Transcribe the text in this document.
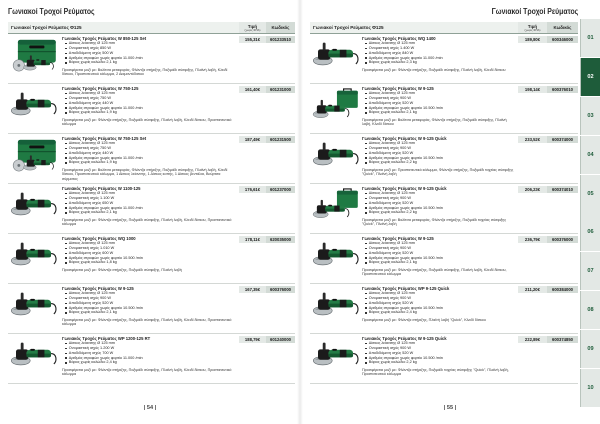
Γωνιακοί Τροχοί Ρεύματος
Γωνιακοί Τροχοί Ρεύματος Φ125	Τιμή
(χωρίς ΦΠΑ)	Κωδικός
Γωνιακός Τροχός Ρεύματος W 850-125 Set
Δίσκος λείανσης Ø 125 mm
Ονομαστική ισχύς 850 W
Αποδιδόμενη ισχύς 500 W
Αριθμός στροφών χωρίς φορτίο 11.000 /min
Βάρος χωρίς καλώδιο 2,1 kg
Προσφέρεται μαζί με: Βαλίτσα μεταφοράς, Φλάντζα στήριξης, Παξιμάδι σύσφιξης, Πλαϊνή λαβή, Κλειδί δίσκου, Προστατευτικό κάλυμμα, 2 Διαμαντόδισκοι
155,31€	601233510
Γωνιακός Τροχός Ρεύματος W 750-125
Δίσκος λείανσης Ø 125 mm
Ονομαστική ισχύς 750 W
Αποδιδόμενη ισχύς 440 W
Αριθμός στροφών χωρίς φορτίο 11.000 /min
Βάρος χωρίς καλώδιο 1,9 kg
Προσφέρεται μαζί με: Φλάντζα στήριξης, Παξιμάδι σύσφιξης, Πλαϊνή λαβή, Κλειδί δίσκου, Προστατευτικό κάλυμμα
161,40€	601231000
Γωνιακός Τροχός Ρεύματος W 750-125 Set
Δίσκος λείανσης Ø 125 mm
Ονομαστική ισχύς 750 W
Αποδιδόμενη ισχύς 440 W
Αριθμός στροφών χωρίς φορτίο 11.000 /min
Βάρος χωρίς καλώδιο 1,9 kg
Προσφέρεται μαζί με: Βαλίτσα μεταφοράς, Φλάντζα στήριξης, Παξιμάδι σύσφιξης, Πλαϊνή λαβή, Κλειδί δίσκου, Προστατευτικό κάλυμμα, 1 Δίσκος λείανσης, 1 Δίσκος κοπής, 1 Δίσκος βεντάλια, Βούρτσα σύρματος
187,49€	601231500
Γωνιακός Τροχός Ρεύματος W 1100-125
Δίσκος λείανσης Ø 125 mm
Ονομαστική ισχύς 1.100 W
Αποδιδόμενη ισχύς 650 W
Αριθμός στροφών χωρίς φορτίο 11.000 /min
Βάρος χωρίς καλώδιο 2,1 kg
Προσφέρεται μαζί με: Φλάντζα στήριξης, Παξιμάδι σύσφιξης, Πλαϊνή λαβή, Κλειδί δίσκου, Προστατευτικό κάλυμμα
176,61€	601237000
Γωνιακός Τροχός Ρεύματος WQ 1000
Δίσκος λείανσης Ø 125 mm
Ονομαστική ισχύς 1.010 W
Αποδιδόμενη ισχύς 600 W
Αριθμός στροφών χωρίς φορτίο 10.500 /min
Βάρος χωρίς καλώδιο 1,8 kg
Προσφέρεται μαζί με: Φλάντζα στήριξης, Παξιμάδι σύσφιξης, Πλαϊνή λαβή
178,11€	620035000
Γωνιακός Τροχός Ρεύματος W 9-125
Δίσκος λείανσης Ø 125 mm
Ονομαστική ισχύς 900 W
Αποδιδόμενη ισχύς 520 W
Αριθμός στροφών χωρίς φορτίο 10.500 /min
Βάρος χωρίς καλώδιο 2,1 kg
Προσφέρεται μαζί με: Φλάντζα στήριξης, Παξιμάδι σύσφιξης, Πλαϊνή λαβή, Κλειδί δίσκου, Προστατευτικό κάλυμμα
167,35€	600376000
Γωνιακός Τροχός Ρεύματος WP 1200-125 RT
Δίσκος λείανσης Ø 125 mm
Ονομαστική ισχύς 1.200 W
Αποδιδόμενη ισχύς 700 W
Αριθμός στροφών χωρίς φορτίο 11.000 /min
Βάρος χωρίς καλώδιο 2,4 kg
Προσφέρεται μαζί με: Φλάντζα στήριξης, Παξιμάδι σύσφιξης, Πλαϊνή λαβή, Κλειδί δίσκου, Προστατευτικό κάλυμμα
188,79€	601240000
| 54 |
Γωνιακοί Τροχοί Ρεύματος
Γωνιακοί Τροχοί Ρεύματος Φ125	Τιμή
(χωρίς ΦΠΑ)	Κωδικός
Γωνιακός Τροχός Ρεύματος WQ 1400
Δίσκος λείανσης Ø 125 mm
Ονομαστική ισχύς 1.400 W
Αποδιδόμενη ισχύς 840 W
Αριθμός στροφών χωρίς φορτίο 11.000 /min
Βάρος χωρίς καλώδιο 2,3 kg
Προσφέρεται μαζί με: Φλάντζα στήριξης, Παξιμάδι σύσφιξης, Πλαϊνή λαβή, Κλειδί δίσκου
189,80€	600346000
Γωνιακός Τροχός Ρεύματος W 9-125
Δίσκος λείανσης Ø 125 mm
Ονομαστική ισχύς 900 W
Αποδιδόμενη ισχύς 520 W
Αριθμός στροφών χωρίς φορτίο 10.500 /min
Βάρος χωρίς καλώδιο 2,1 kg
Προσφέρεται μαζί με: Βαλίτσα μεταφοράς, Φλάντζα στήριξης, Παξιμάδι σύσφιξης, Πλαϊνή λαβή, Κλειδί δίσκου
198,14€	600376010
Γωνιακός Τροχός Ρεύματος W 9-125 Quick
Δίσκος λείανσης Ø 125 mm
Ονομαστική ισχύς 900 W
Αποδιδόμενη ισχύς 520 W
Αριθμός στροφών χωρίς φορτίο 10.500 /min
Βάρος χωρίς καλώδιο 2,2 kg
Προσφέρεται μαζί με: Προστατευτικό κάλυμμα, Φλάντζα στήριξης, Παξιμάδι ταχείας σύσφιξης "Quick", Πλαϊνή λαβή
233,52€	600374000
Γωνιακός Τροχός Ρεύματος W 9-125 Quick
Δίσκος λείανσης Ø 125 mm
Ονομαστική ισχύς 900 W
Αποδιδόμενη ισχύς 520 W
Αριθμός στροφών χωρίς φορτίο 10.500 /min
Βάρος χωρίς καλώδιο 2,2 kg
Προσφέρεται μαζί με: Βαλίτσα μεταφοράς, Φλάντζα στήριξης, Παξιμάδι ταχείας σύσφιξης "Quick", Πλαϊνή λαβή
206,23€	600374010
Γωνιακός Τροχός Ρεύματος W 9-125
Δίσκος λείανσης Ø 125 mm
Ονομαστική ισχύς 900 W
Αποδιδόμενη ισχύς 520 W
Αριθμός στροφών χωρίς φορτίο 10.500 /min
Βάρος χωρίς καλώδιο 2,1 kg
Προσφέρεται μαζί με: Φλάντζα στήριξης, Παξιμάδι σύσφιξης, Πλαϊνή λαβή, Κλειδί δίσκου, Προστατευτικό κάλυμμα
236,79€	600376000
Γωνιακός Τροχός Ρεύματος WP 9-125 Quick
Δίσκος λείανσης Ø 125 mm
Ονομαστική ισχύς 900 W
Αποδιδόμενη ισχύς 520 W
Αριθμός στροφών χωρίς φορτίο 10.500 /min
Βάρος χωρίς καλώδιο 2,4 kg
Προσφέρεται μαζί με: Φλάντζα στήριξης, Πλαϊνή λαβή "Quick", Κλειδί δίσκου
211,20€	600384000
Γωνιακός Τροχός Ρεύματος W 9-125 Quick
Δίσκος λείανσης Ø 125 mm
Ονομαστική ισχύς 900 W
Αποδιδόμενη ισχύς 520 W
Αριθμός στροφών χωρίς φορτίο 10.500 /min
Βάρος χωρίς καλώδιο 2,2 kg
Προσφέρεται μαζί με: Φλάντζα στήριξης, Παξιμάδι ταχείας σύσφιξης "Quick", Πλαϊνή λαβή, Προστατευτικό κάλυμμα
222,89€	600374850
| 55 |
01
02
03
04
05
06
07
08
09
10
